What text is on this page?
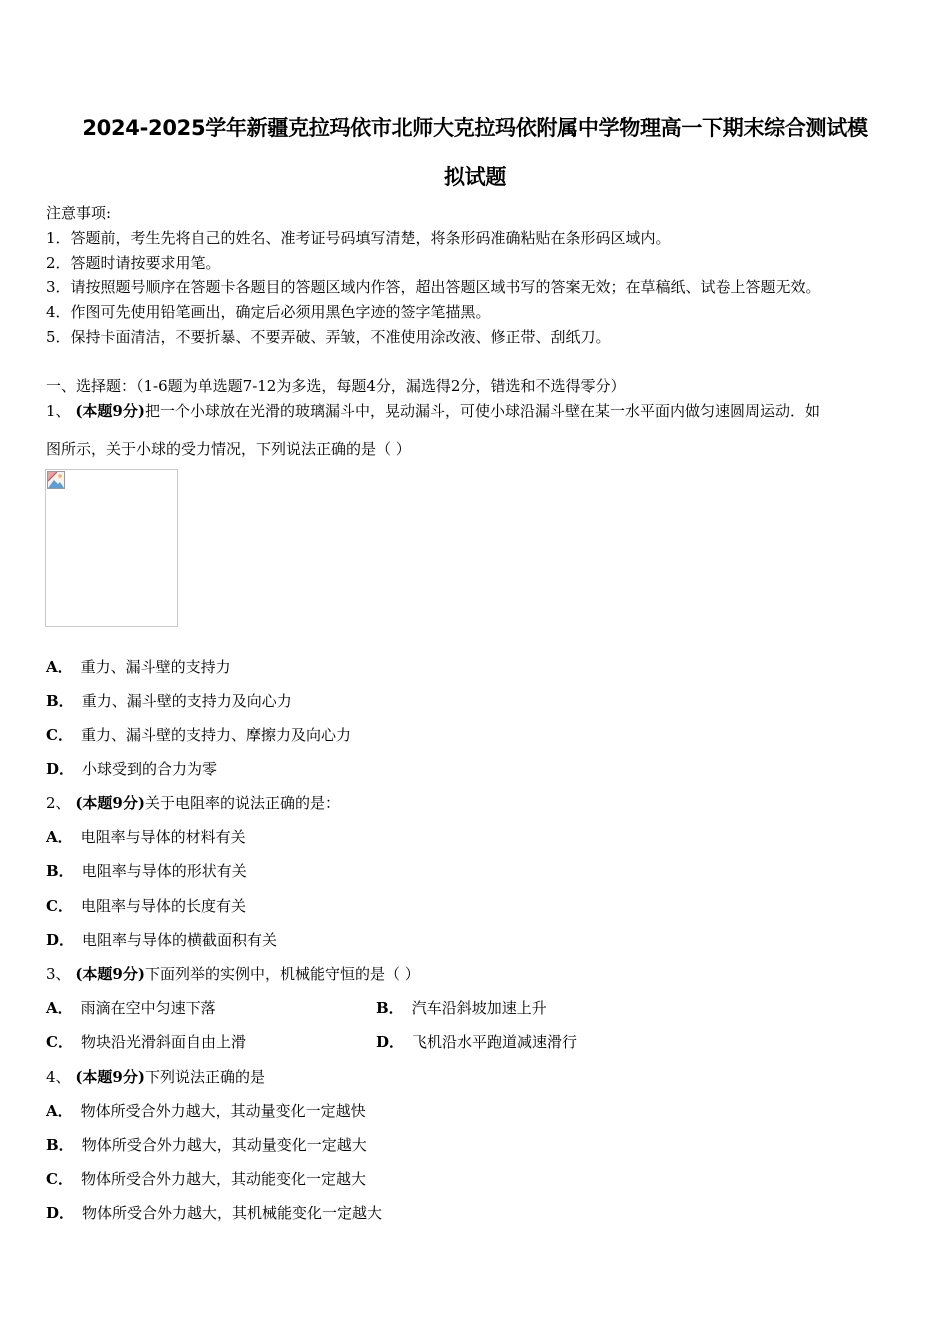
2024-2025学年新疆克拉玛依市北师大克拉玛依附属中学物理高一下期末综合测试模
拟试题
注意事项:
1．答题前，考生先将自己的姓名、准考证号码填写清楚，将条形码准确粘贴在条形码区域内。
2．答题时请按要求用笔。
3．请按照题号顺序在答题卡各题目的答题区域内作答，超出答题区域书写的答案无效；在草稿纸、试卷上答题无效。
4．作图可先使用铅笔画出，确定后必须用黑色字迹的签字笔描黑。
5．保持卡面清洁，不要折暴、不要弄破、弄皱，不准使用涂改液、修正带、刮纸刀。
一、选择题：（1-6题为单选题7-12为多选，每题4分，漏选得2分，错选和不选得零分）
1、 (本题9分)把一个小球放在光滑的玻璃漏斗中，晃动漏斗，可使小球沿漏斗壁在某一水平面内做匀速圆周运动．如
图所示，关于小球的受力情况，下列说法正确的是（ ）
A． 重力、漏斗壁的支持力
B． 重力、漏斗壁的支持力及向心力
C． 重力、漏斗壁的支持力、摩擦力及向心力
D． 小球受到的合力为零
2、 (本题9分)关于电阻率的说法正确的是：
A． 电阻率与导体的材料有关
B． 电阻率与导体的形状有关
C． 电阻率与导体的长度有关
D． 电阻率与导体的横截面积有关
3、 (本题9分)下面列举的实例中，机械能守恒的是（ ）
A． 雨滴在空中匀速下落	B． 汽车沿斜坡加速上升
C． 物块沿光滑斜面自由上滑	D． 飞机沿水平跑道减速滑行
4、 (本题9分)下列说法正确的是
A． 物体所受合外力越大，其动量变化一定越快
B． 物体所受合外力越大，其动量变化一定越大
C． 物体所受合外力越大，其动能变化一定越大
D． 物体所受合外力越大，其机械能变化一定越大
